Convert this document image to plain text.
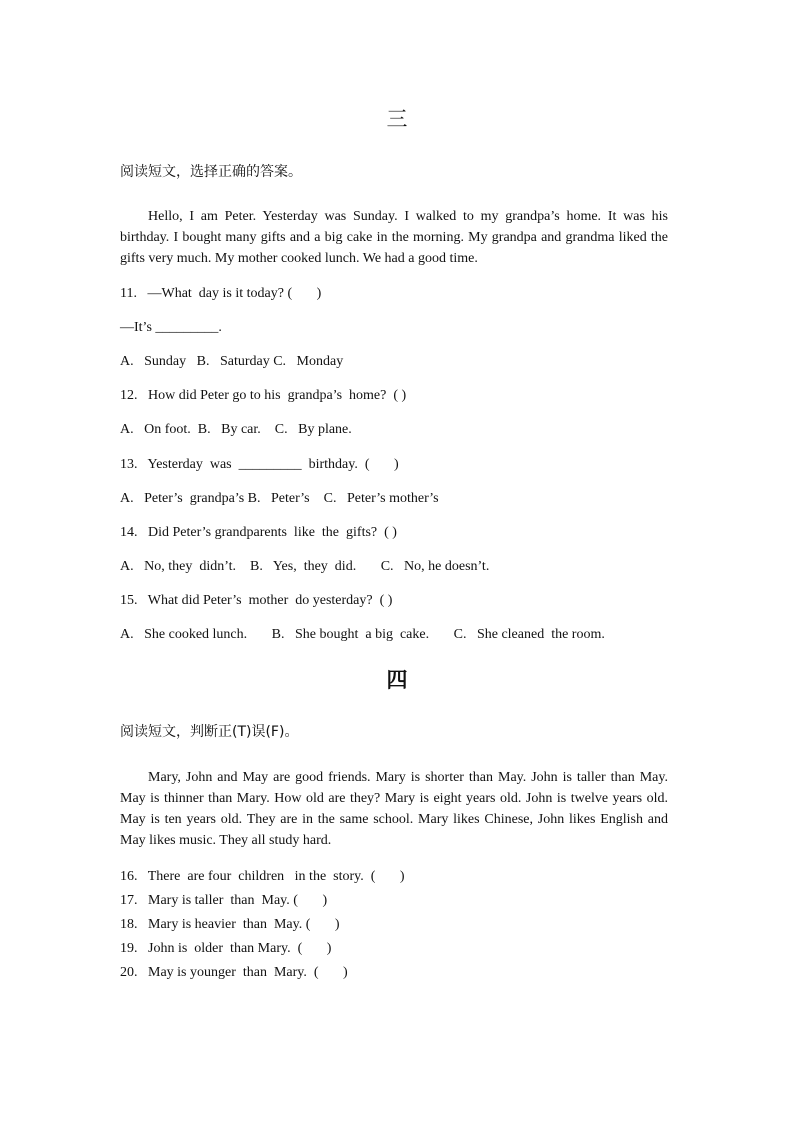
三
阅读短文，选择正确的答案。
Hello, I am Peter. Yesterday was Sunday. I walked to my grandpa’s home. It was his birthday. I bought many gifts and a big cake in the morning. My grandpa and grandma liked the gifts very much. My mother cooked lunch. We had a good time.
11.   —What  day is it today? (       )
—It’s _________.
A.   Sunday   B.   Saturday C.   Monday
12.   How did Peter go to his  grandpa’s  home?  ( )
A.   On foot.  B.   By car.    C.   By plane.
13.   Yesterday  was  _________  birthday.  (       )
A.   Peter’s  grandpa’s B.   Peter’s    C.   Peter’s mother’s
14.   Did Peter’s grandparents  like  the  gifts?  ( )
A.   No, they  didn’t.    B.   Yes,  they  did.       C.   No, he doesn’t.
15.   What did Peter’s  mother  do yesterday?  ( )
A.   She cooked lunch.       B.   She bought  a big  cake.       C.   She cleaned  the room.
四
阅读短文，判断正(T)误(F)。
Mary, John and May are good friends. Mary is shorter than May. John is taller than May. May is thinner than Mary. How old are they? Mary is eight years old. John is twelve years old. May is ten years old. They are in the same school. Mary likes Chinese, John likes English and May likes music. They all study hard.
16.   There  are four  children   in the  story.  (       )
17.   Mary is taller  than  May. (       )
18.   Mary is heavier  than  May. (       )
19.   John is  older  than Mary.  (       )
20.   May is younger  than  Mary.  (       )
